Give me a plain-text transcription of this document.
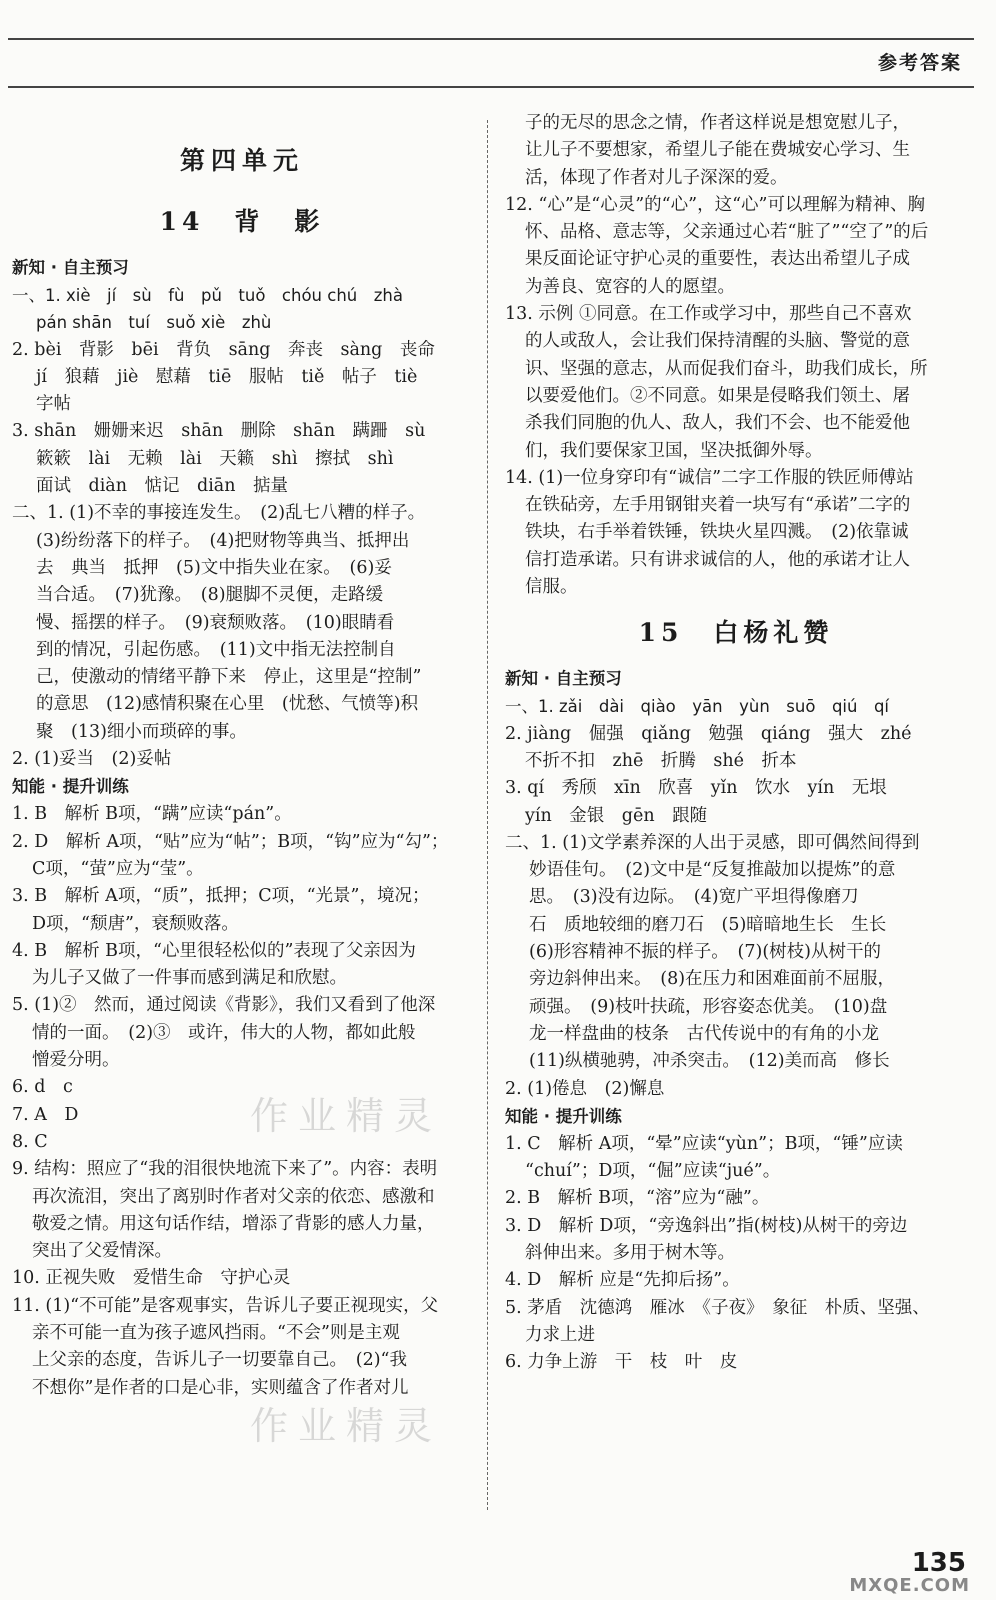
参考答案
第四单元
14　背　影
新知 · 自主预习
一、1. xiè　jí　sù　fù　pǔ　tuǒ　chóu chú　zhà
pán shān　tuí　suǒ xiè　zhù
2. bèi　背影　bēi　背负　sāng　奔丧　sàng　丧命
jí　狼藉　jiè　慰藉　tiē　服帖　tiě　帖子　tiè
字帖
3. shān　姗姗来迟　shān　删除　shān　蹒跚　sù
簌簌　lài　无赖　lài　天籁　shì　擦拭　shì
面试　diàn　惦记　diān　掂量
二、1. (1)不幸的事接连发生。　(2)乱七八糟的样子。
(3)纷纷落下的样子。　(4)把财物等典当、抵押出
去　典当　抵押　(5)文中指失业在家。　(6)妥
当合适。　(7)犹豫。　(8)腿脚不灵便，走路缓
慢、摇摆的样子。　(9)衰颓败落。　(10)眼睛看
到的情况，引起伤感。　(11)文中指无法控制自
己，使激动的情绪平静下来　停止，这里是“控制”
的意思　(12)感情积聚在心里　(忧愁、气愤等)积
聚　(13)细小而琐碎的事。
2. (1)妥当　(2)妥帖
知能 · 提升训练
1. B　解析 B项，“蹒”应读“pán”。
2. D　解析 A项，“贴”应为“帖”；B项，“钩”应为“勾”；
C项，“萤”应为“莹”。
3. B　解析 A项，“质”，抵押；C项，“光景”，境况；
D项，“颓唐”，衰颓败落。
4. B　解析 B项，“心里很轻松似的”表现了父亲因为
为儿子又做了一件事而感到满足和欣慰。
5. (1)②　然而，通过阅读《背影》，我们又看到了他深
情的一面。　(2)③　或许，伟大的人物，都如此般
憎爱分明。
6. d　c
7. A　D
8. C
9. 结构：照应了“我的泪很快地流下来了”。内容：表明
再次流泪，突出了离别时作者对父亲的依恋、感激和
敬爱之情。用这句话作结，增添了背影的感人力量，
突出了父爱情深。
10. 正视失败　爱惜生命　守护心灵
11. (1)“不可能”是客观事实，告诉儿子要正视现实，父
亲不可能一直为孩子遮风挡雨。“不会”则是主观
上父亲的态度，告诉儿子一切要靠自己。　(2)“我
不想你”是作者的口是心非，实则蕴含了作者对儿
子的无尽的思念之情，作者这样说是想宽慰儿子，
让儿子不要想家，希望儿子能在费城安心学习、生
活，体现了作者对儿子深深的爱。
12. “心”是“心灵”的“心”，这“心”可以理解为精神、胸
怀、品格、意志等，父亲通过心若“脏了”“空了”的后
果反面论证守护心灵的重要性，表达出希望儿子成
为善良、宽容的人的愿望。
13. 示例 ①同意。在工作或学习中，那些自己不喜欢
的人或敌人，会让我们保持清醒的头脑、警觉的意
识、坚强的意志，从而促我们奋斗，助我们成长，所
以要爱他们。②不同意。如果是侵略我们领土、屠
杀我们同胞的仇人、敌人，我们不会、也不能爱他
们，我们要保家卫国，坚决抵御外辱。
14. (1)一位身穿印有“诚信”二字工作服的铁匠师傅站
在铁砧旁，左手用钢钳夹着一块写有“承诺”二字的
铁块，右手举着铁锤，铁块火星四溅。　(2)依靠诚
信打造承诺。只有讲求诚信的人，他的承诺才让人
信服。
15　白杨礼赞
新知 · 自主预习
一、1. zǎi　dài　qiào　yān　yùn　suō　qiú　qí
2. jiàng　倔强　qiǎng　勉强　qiáng　强大　zhé
不折不扣　zhē　折腾　shé　折本
3. qí　秀颀　xīn　欣喜　yǐn　饮水　yín　无垠
yín　金银　gēn　跟随
二、1. (1)文学素养深的人出于灵感，即可偶然间得到
妙语佳句。　(2)文中是“反复推敲加以提炼”的意
思。　(3)没有边际。　(4)宽广平坦得像磨刀
石　质地较细的磨刀石　(5)暗暗地生长　生长
(6)形容精神不振的样子。　(7)(树枝)从树干的
旁边斜伸出来。　(8)在压力和困难面前不屈服，
顽强。　(9)枝叶扶疏，形容姿态优美。　(10)盘
龙一样盘曲的枝条　古代传说中的有角的小龙
(11)纵横驰骋，冲杀突击。　(12)美而高　修长
2. (1)倦息　(2)懈息
知能 · 提升训练
1. C　解析 A项，“晕”应读“yùn”；B项，“锤”应读
“chuí”；D项，“倔”应读“jué”。
2. B　解析 B项，“溶”应为“融”。
3. D　解析 D项，“旁逸斜出”指(树枝)从树干的旁边
斜伸出来。多用于树木等。
4. D　解析 应是“先抑后扬”。
5. 茅盾　沈德鸿　雁冰　《子夜》　象征　朴质、坚强、
力求上进
6. 力争上游　干　枝　叶　皮
作业精灵
作业精灵
135
MXQE.COM
